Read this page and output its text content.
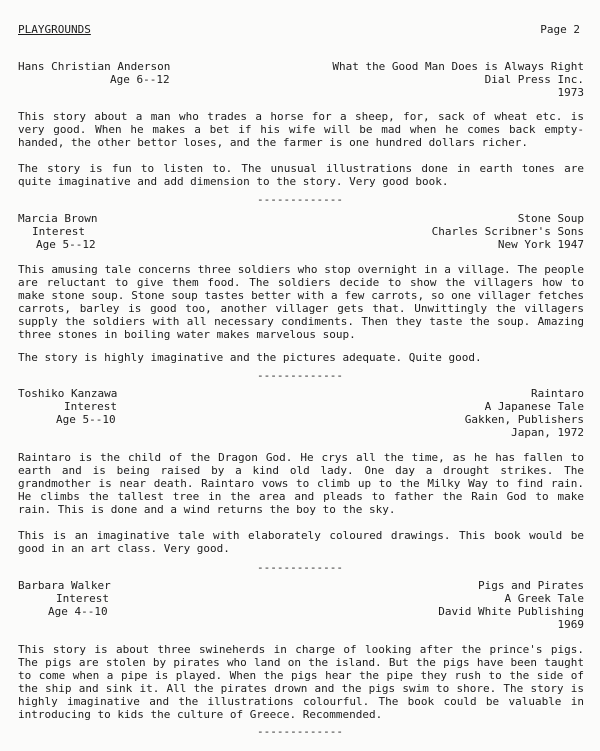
PLAYGROUNDS	Page 2
Hans Christian Anderson
Age 6--12
What the Good Man Does is Always Right
Dial Press Inc.
1973
This story about a man who trades a horse for a sheep, for, sack of wheat etc. is very good. When he makes a bet if his wife will be mad when he comes back empty-handed, the other bettor loses, and the farmer is one hundred dollars richer.
The story is fun to listen to. The unusual illustrations done in earth tones are quite imaginative and add dimension to the story. Very good book.
-------------
Marcia Brown
Interest
Age 5--12
Stone Soup
Charles Scribner's Sons
New York 1947
This amusing tale concerns three soldiers who stop overnight in a village. The people are reluctant to give them food. The soldiers decide to show the villagers how to make stone soup. Stone soup tastes better with a few carrots, so one villager fetches carrots, barley is good too, another villager gets that. Unwittingly the villagers supply the soldiers with all necessary condiments. Then they taste the soup. Amazing three stones in boiling water makes marvelous soup.
The story is highly imaginative and the pictures adequate. Quite good.
-------------
Toshiko Kanzawa
Interest
Age 5--10
Raintaro
A Japanese Tale
Gakken, Publishers
Japan, 1972
Raintaro is the child of the Dragon God. He crys all the time, as he has fallen to earth and is being raised by a kind old lady. One day a drought strikes. The grandmother is near death. Raintaro vows to climb up to the Milky Way to find rain. He climbs the tallest tree in the area and pleads to father the Rain God to make rain. This is done and a wind returns the boy to the sky.
This is an imaginative tale with elaborately coloured drawings. This book would be good in an art class. Very good.
-------------
Barbara Walker
Interest
Age 4--10
Pigs and Pirates
A Greek Tale
David White Publishing
1969
This story is about three swineherds in charge of looking after the prince's pigs. The pigs are stolen by pirates who land on the island. But the pigs have been taught to come when a pipe is played. When the pigs hear the pipe they rush to the side of the ship and sink it. All the pirates drown and the pigs swim to shore. The story is highly imaginative and the illustrations colourful. The book could be valuable in introducing to kids the culture of Greece. Recommended.
-------------
